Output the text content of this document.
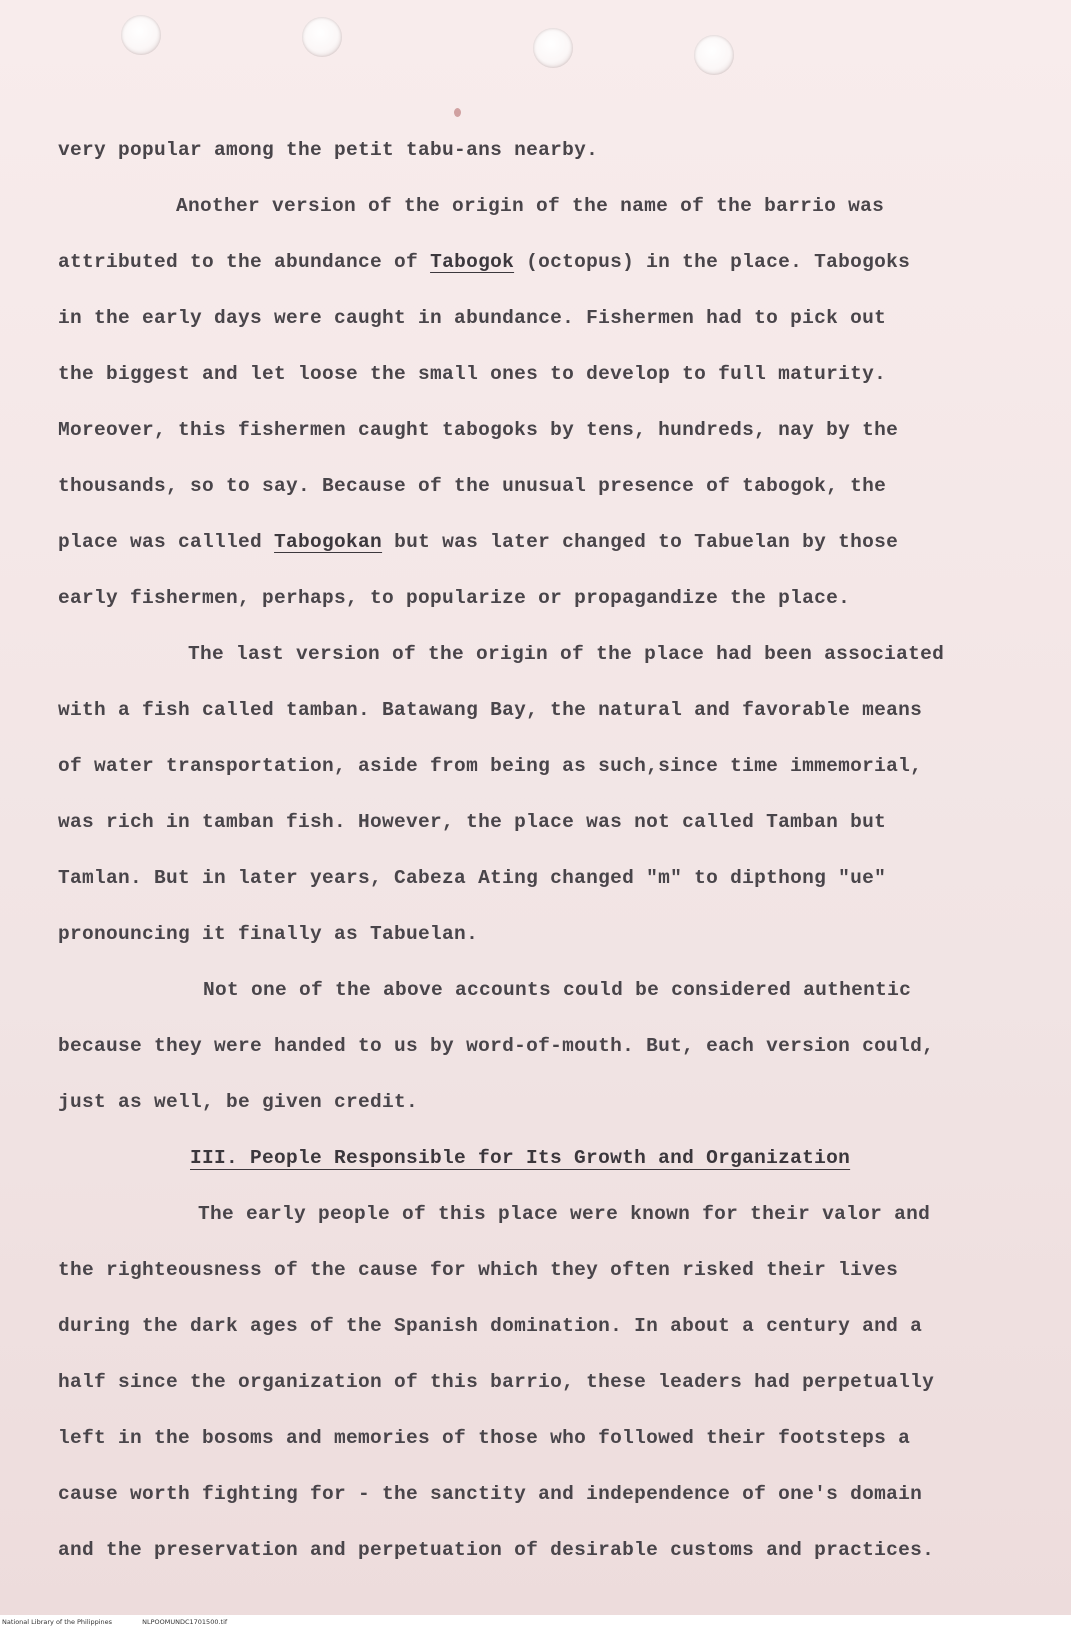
very popular among the petit tabu-ans nearby.
Another version of the origin of the name of the barrio was
attributed to the abundance of Tabogok (octopus) in the place. Tabogoks
in the early days were caught in abundance. Fishermen had to pick out
the biggest and let loose the small ones to develop to full maturity.
Moreover, this fishermen caught tabogoks by tens, hundreds, nay by the
thousands, so to say. Because of the unusual presence of tabogok, the
place was callled Tabogokan but was later changed to Tabuelan by those
early fishermen, perhaps, to popularize or propagandize the place.
The last version of the origin of the place had been associated
with a fish called tamban. Batawang Bay, the natural and favorable means
of water transportation, aside from being as such,since time immemorial,
was rich in tamban fish. However, the place was not called Tamban but
Tamlan. But in later years, Cabeza Ating changed "m" to dipthong "ue"
pronouncing it finally as Tabuelan.
Not one of the above accounts could be considered authentic
because they were handed to us by word-of-mouth. But, each version could,
just as well, be given credit.
III. People Responsible for Its Growth and Organization
The early people of this place were known for their valor and
the righteousness of the cause for which they often risked their lives
during the dark ages of the Spanish domination. In about a century and a
half since the organization of this barrio, these leaders had perpetually
left in the bosoms and memories of those who followed their footsteps a
cause worth fighting for - the sanctity and independence of one's domain
and the preservation and perpetuation of desirable customs and practices.
National Library of the Philippines	NLPOOMUNDC1701500.tif
